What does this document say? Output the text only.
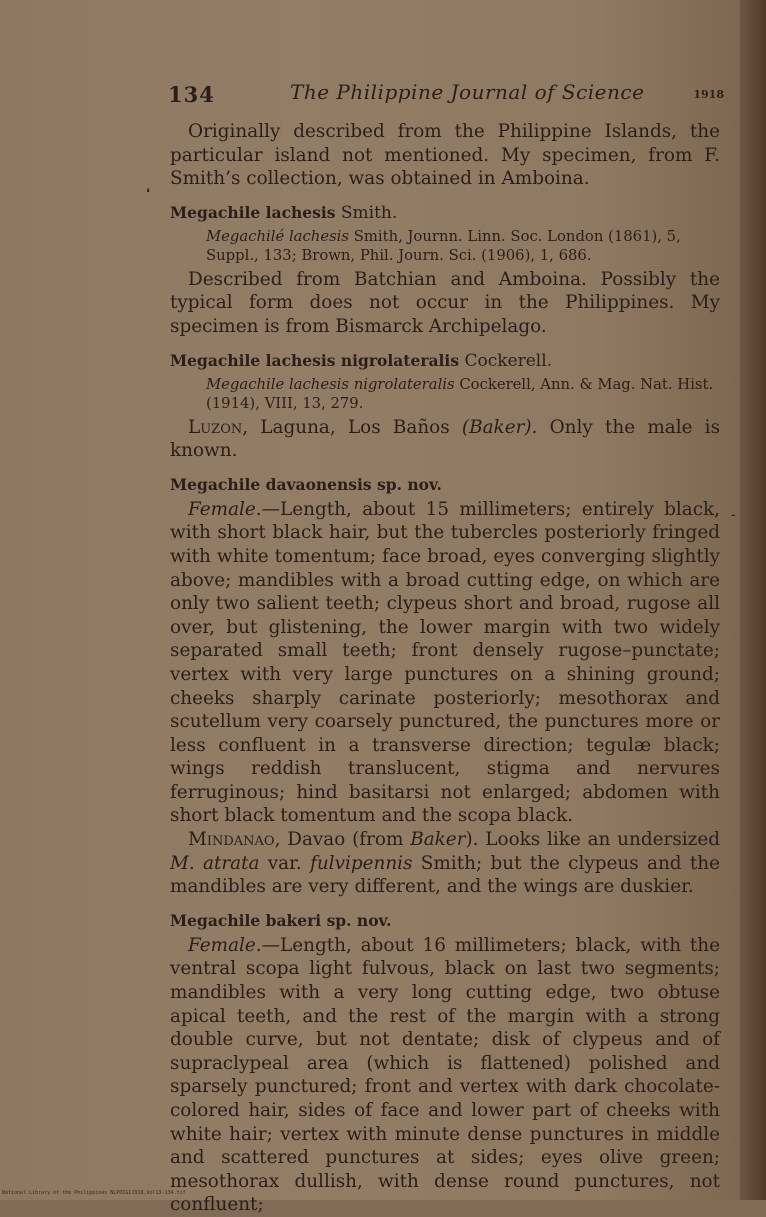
134	The Philippine Journal of Science	1918
❛
-

Originally described from the Philippine Islands, the particular island not mentioned. My specimen, from F. Smith’s collection, was obtained in Amboina.

Megachile lachesis Smith.

Megachilé lachesis Smith, Journn. Linn. Soc. London (1861), 5, Suppl., 133; Brown, Phil. Journ. Sci. (1906), 1, 686.

Described from Batchian and Amboina. Possibly the typical form does not occur in the Philippines. My specimen is from Bismarck Archipelago.

Megachile lachesis nigrolateralis Cockerell.

Megachile lachesis nigrolateralis Cockerell, Ann. & Mag. Nat. Hist. (1914), VIII, 13, 279.

Luzon, Laguna, Los Baños (Baker). Only the male is known.

Megachile davaonensis sp. nov.

Female.—Length, about 15 millimeters; entirely black, with short black hair, but the tubercles posteriorly fringed with white tomentum; face broad, eyes converging slightly above; mandibles with a broad cutting edge, on which are only two salient teeth; clypeus short and broad, rugose all over, but glistening, the lower margin with two widely separated small teeth; front densely rugose–punctate; vertex with very large punctures on a shining ground; cheeks sharply carinate posteriorly; mesothorax and scutellum very coarsely punctured, the punctures more or less confluent in a transverse direction; tegulæ black; wings reddish translucent, stigma and nervures ferruginous; hind basitarsi not enlarged; abdomen with short black tomentum and the scopa black.

Mindanao, Davao (from Baker). Looks like an undersized M. atrata var. fulvipennis Smith; but the clypeus and the mandibles are very different, and the wings are duskier.

Megachile bakeri sp. nov.

Female.—Length, about 16 millimeters; black, with the ventral scopa light fulvous, black on last two segments; mandibles with a very long cutting edge, two obtuse apical teeth, and the rest of the margin with a strong double curve, but not dentate; disk of clypeus and of supraclypeal area (which is flattened) polished and sparsely punctured; front and vertex with dark chocolate-colored hair, sides of face and lower part of cheeks with white hair; vertex with minute dense punctures in middle and scattered punctures at sides; eyes olive green; mesothorax dullish, with dense round punctures, not confluent;

National Library of the Philippines NLPDIGI1918.Vol13-134.tif
